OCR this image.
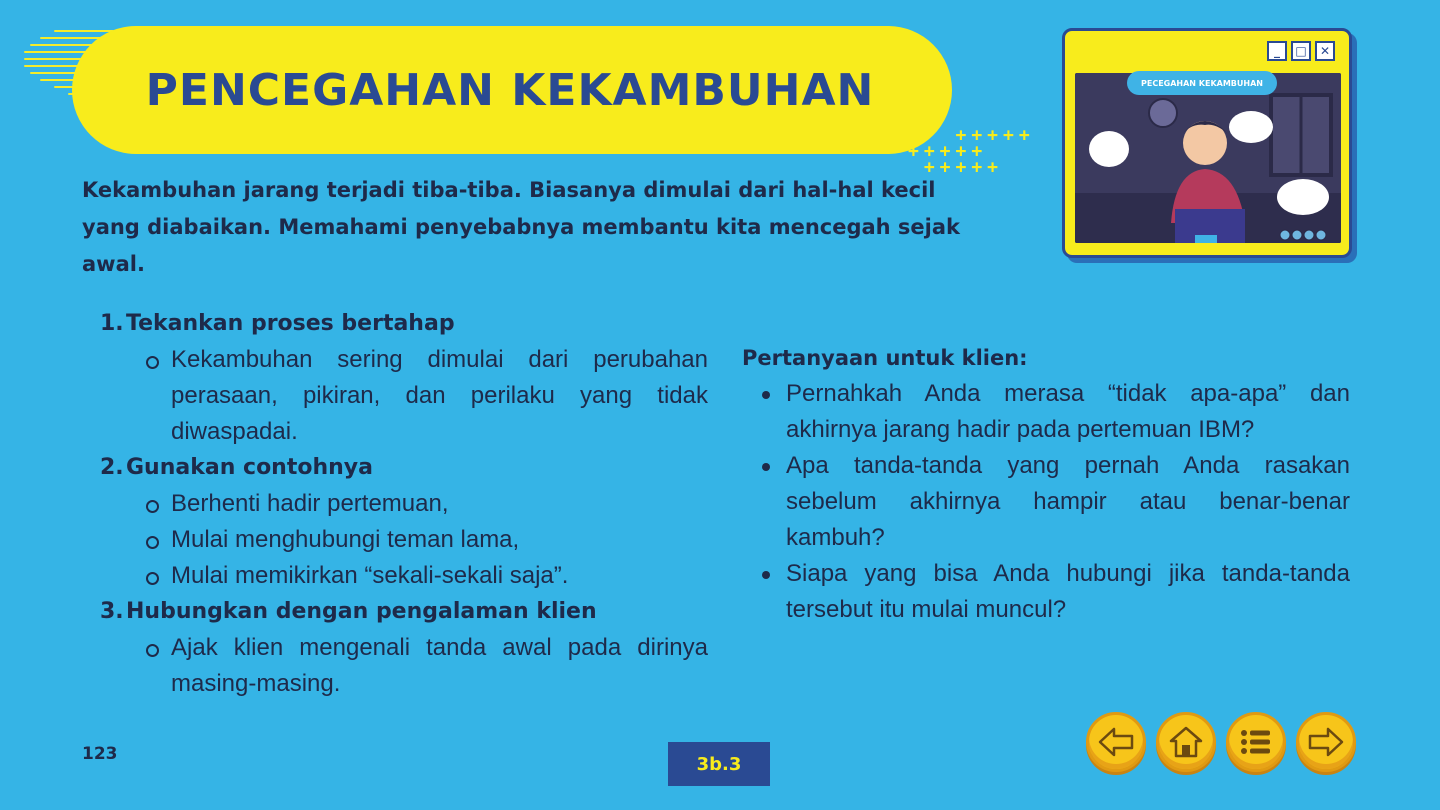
PENCEGAHAN KEKAMBUHAN
+++++
+++++
+++++
Kekambuhan jarang terjadi tiba-tiba. Biasanya dimulai dari hal-hal kecil yang diabaikan. Memahami penyebabnya membantu kita mencegah sejak awal.
_	□	✕
PECEGAHAN KEKAMBUHAN
1. Tekankan proses bertahap
Kekambuhan sering dimulai dari perubahan perasaan, pikiran, dan perilaku yang tidak diwaspadai.
2. Gunakan contohnya
Berhenti hadir pertemuan,
Mulai menghubungi teman lama,
Mulai memikirkan “sekali-sekali saja”.
3. Hubungkan dengan pengalaman klien
Ajak klien mengenali tanda awal pada dirinya masing-masing.
Pertanyaan untuk klien:
Pernahkah Anda merasa “tidak apa-apa” dan akhirnya jarang hadir pada pertemuan IBM?
Apa tanda-tanda yang pernah Anda rasakan sebelum akhirnya hampir atau benar-benar kambuh?
Siapa yang bisa Anda hubungi jika tanda-tanda tersebut itu mulai muncul?
123	3b.3
